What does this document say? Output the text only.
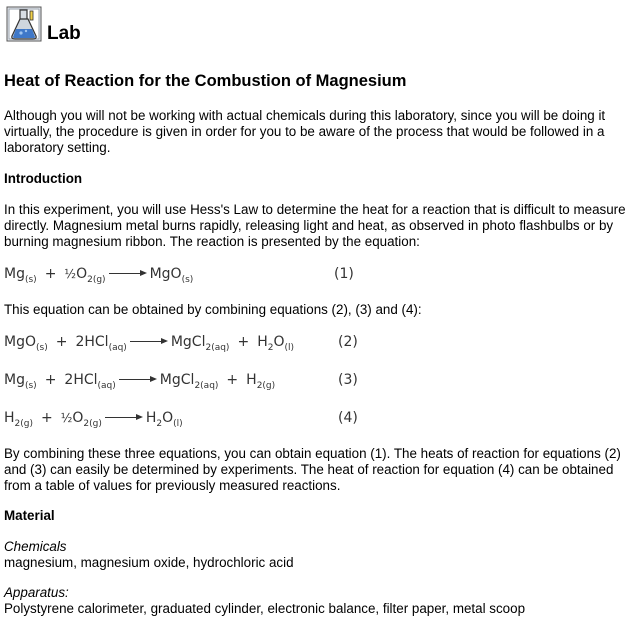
Lab
Heat of Reaction for the Combustion of Magnesium
Although you will not be working with actual chemicals during this laboratory, since you will be doing it virtually, the procedure is given in order for you to be aware of the process that would be followed in a laboratory setting.
Introduction
In this experiment, you will use Hess's Law to determine the heat for a reaction that is difficult to measure directly. Magnesium metal burns rapidly, releasing light and heat, as observed in photo flashbulbs or by burning magnesium ribbon. The reaction is presented by the equation:
$Mg_{(s)}$ + $\frac{1}{2}O_{2(g)}$	MgO$_{(s)}$	(1)
This equation can be obtained by combining equations (2), (3) and (4):
MgO$_{(s)}$ + 2HCl$_{(aq)}$	MgCl$_{2(aq)}$ + $H_2O_{(l)}$	(2)
$Mg_{(s)} + 2HCl_{(aq)}$	MgCl$_{2(aq)}$ + $H_{2(g)}$	(3)
$H_{2(g)}$ + $\frac{1}{2}O_{2(g)}$	$H_2O_{(l)}$	(4)
By combining these three equations, you can obtain equation (1). The heats of reaction for equations (2) and (3) can easily be determined by experiments. The heat of reaction for equation (4) can be obtained from a table of values for previously measured reactions.
Material
Chemicals
magnesium, magnesium oxide, hydrochloric acid
Apparatus:
Polystyrene calorimeter, graduated cylinder, electronic balance, filter paper, metal scoop
